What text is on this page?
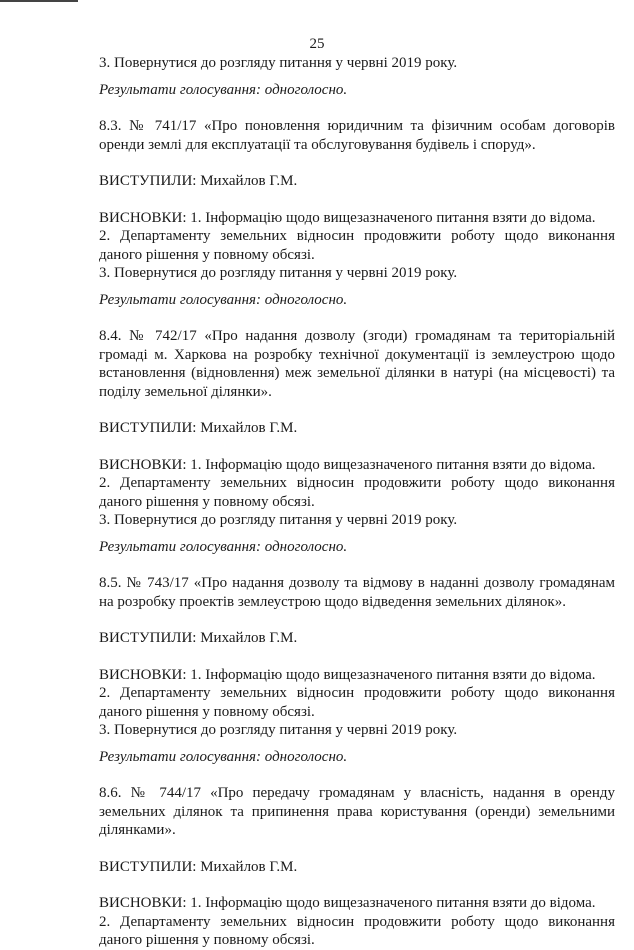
25

3. Повернутися до розгляду питання у червні 2019 року.

Результати голосування: одноголосно.

8.3. № 741/17 «Про поновлення юридичним та фізичним особам договорів оренди землі для експлуатації та обслуговування будівель і споруд».

ВИСТУПИЛИ: Михайлов Г.М.

ВИСНОВКИ: 1. Інформацію щодо вищезазначеного питання взяти до відома.

2. Департаменту земельних відносин продовжити роботу щодо виконання даного рішення у повному обсязі.

3. Повернутися до розгляду питання у червні 2019 року.

Результати голосування: одноголосно.

8.4. № 742/17 «Про надання дозволу (згоди) громадянам та територіальній громаді м. Харкова на розробку технічної документації із землеустрою щодо встановлення (відновлення) меж земельної ділянки в натурі (на місцевості) та поділу земельної ділянки».

ВИСТУПИЛИ: Михайлов Г.М.

ВИСНОВКИ: 1. Інформацію щодо вищезазначеного питання взяти до відома.

2. Департаменту земельних відносин продовжити роботу щодо виконання даного рішення у повному обсязі.

3. Повернутися до розгляду питання у червні 2019 року.

Результати голосування: одноголосно.

8.5. № 743/17 «Про надання дозволу та відмову в наданні дозволу громадянам на розробку проектів землеустрою щодо відведення земельних ділянок».

ВИСТУПИЛИ: Михайлов Г.М.

ВИСНОВКИ: 1. Інформацію щодо вищезазначеного питання взяти до відома.

2. Департаменту земельних відносин продовжити роботу щодо виконання даного рішення у повному обсязі.

3. Повернутися до розгляду питання у червні 2019 року.

Результати голосування: одноголосно.

8.6. № 744/17 «Про передачу громадянам у власність, надання в оренду земельних ділянок та припинення права користування (оренди) земельними ділянками».

ВИСТУПИЛИ: Михайлов Г.М.

ВИСНОВКИ: 1. Інформацію щодо вищезазначеного питання взяти до відома.

2. Департаменту земельних відносин продовжити роботу щодо виконання даного рішення у повному обсязі.
